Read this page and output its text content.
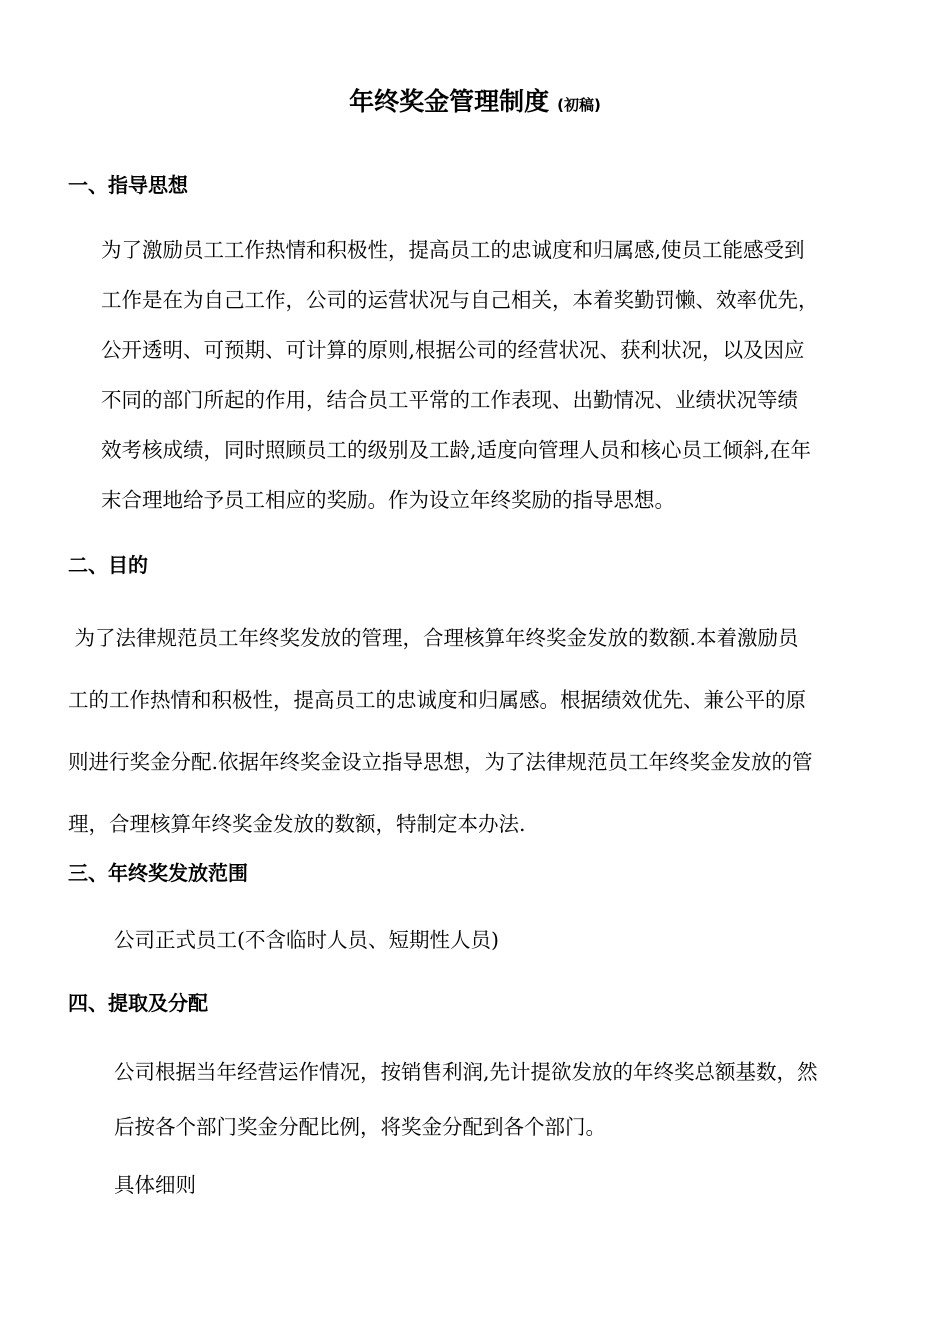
年终奖金管理制度 (初稿)
一、指导思想
为了激励员工工作热情和积极性，提高员工的忠诚度和归属感,使员工能感受到
工作是在为自己工作，公司的运营状况与自己相关，本着奖勤罚懒、效率优先，
公开透明、可预期、可计算的原则,根据公司的经营状况、获利状况，以及因应
不同的部门所起的作用，结合员工平常的工作表现、出勤情况、业绩状况等绩
效考核成绩，同时照顾员工的级别及工龄,适度向管理人员和核心员工倾斜,在年
末合理地给予员工相应的奖励。作为设立年终奖励的指导思想。
二、目的
为了法律规范员工年终奖发放的管理，合理核算年终奖金发放的数额.本着激励员
工的工作热情和积极性，提高员工的忠诚度和归属感。根据绩效优先、兼公平的原
则进行奖金分配.依据年终奖金设立指导思想，为了法律规范员工年终奖金发放的管
理，合理核算年终奖金发放的数额，特制定本办法.
三、年终奖发放范围
公司正式员工(不含临时人员、短期性人员)
四、提取及分配
公司根据当年经营运作情况，按销售利润,先计提欲发放的年终奖总额基数，然
后按各个部门奖金分配比例，将奖金分配到各个部门。
具体细则
